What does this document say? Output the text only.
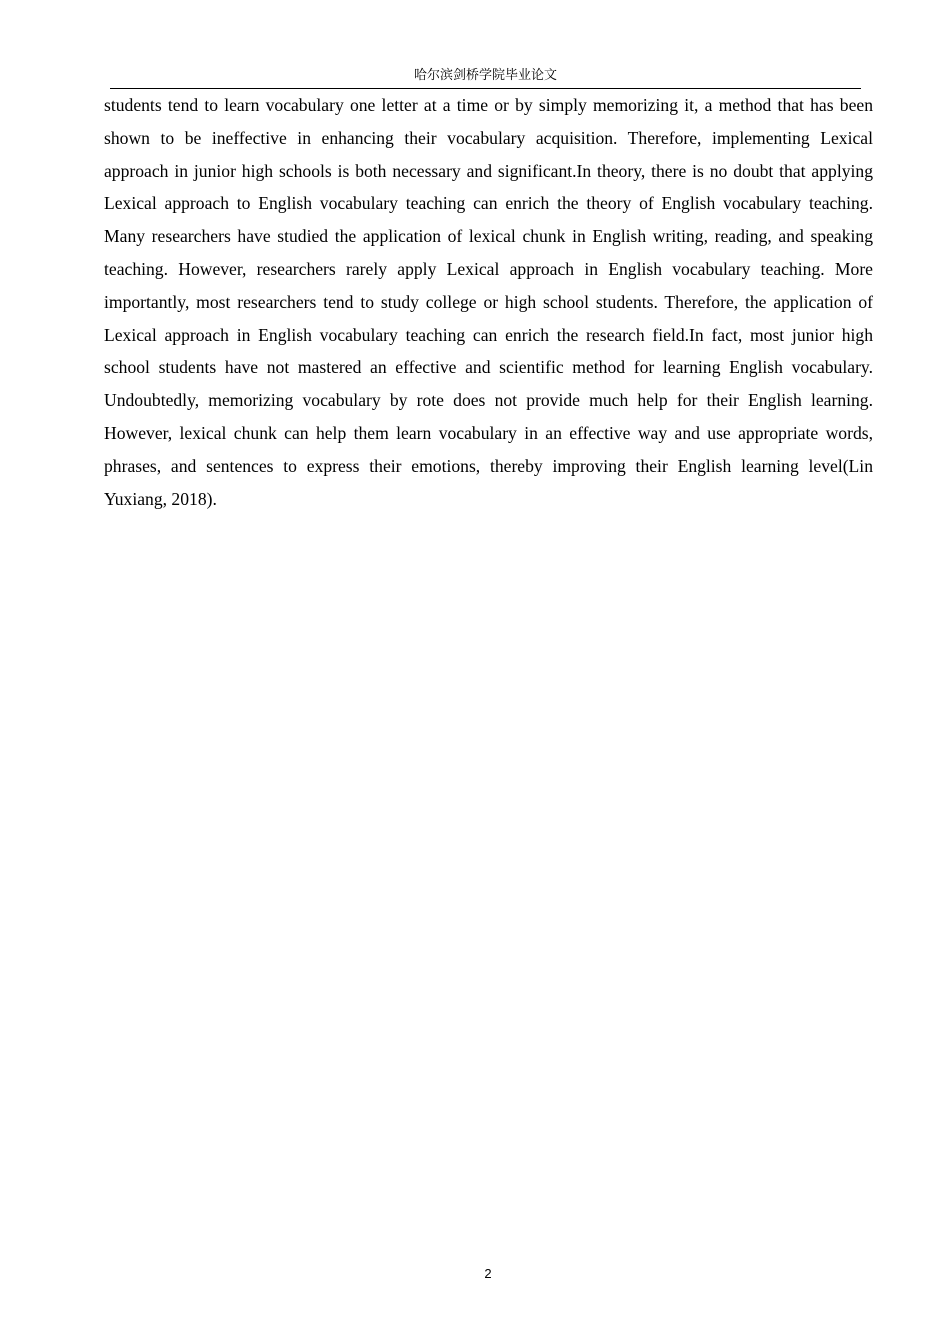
哈尔滨剑桥学院毕业论文

students tend to learn vocabulary one letter at a time or by simply memorizing it, a method that has been shown to be ineffective in enhancing their vocabulary acquisition. Therefore, implementing Lexical approach in junior high schools is both necessary and significant.In theory, there is no doubt that applying Lexical approach to English vocabulary teaching can enrich the theory of English vocabulary teaching. Many researchers have studied the application of lexical chunk in English writing, reading, and speaking teaching. However, researchers rarely apply Lexical approach in English vocabulary teaching. More importantly, most researchers tend to study college or high school students. Therefore, the application of Lexical approach in English vocabulary teaching can enrich the research field.In fact, most junior high school students have not mastered an effective and scientific method for learning English vocabulary. Undoubtedly, memorizing vocabulary by rote does not provide much help for their English learning. However, lexical chunk can help them learn vocabulary in an effective way and use appropriate words, phrases, and sentences to express their emotions, thereby improving their English learning level(Lin Yuxiang, 2018).

2
